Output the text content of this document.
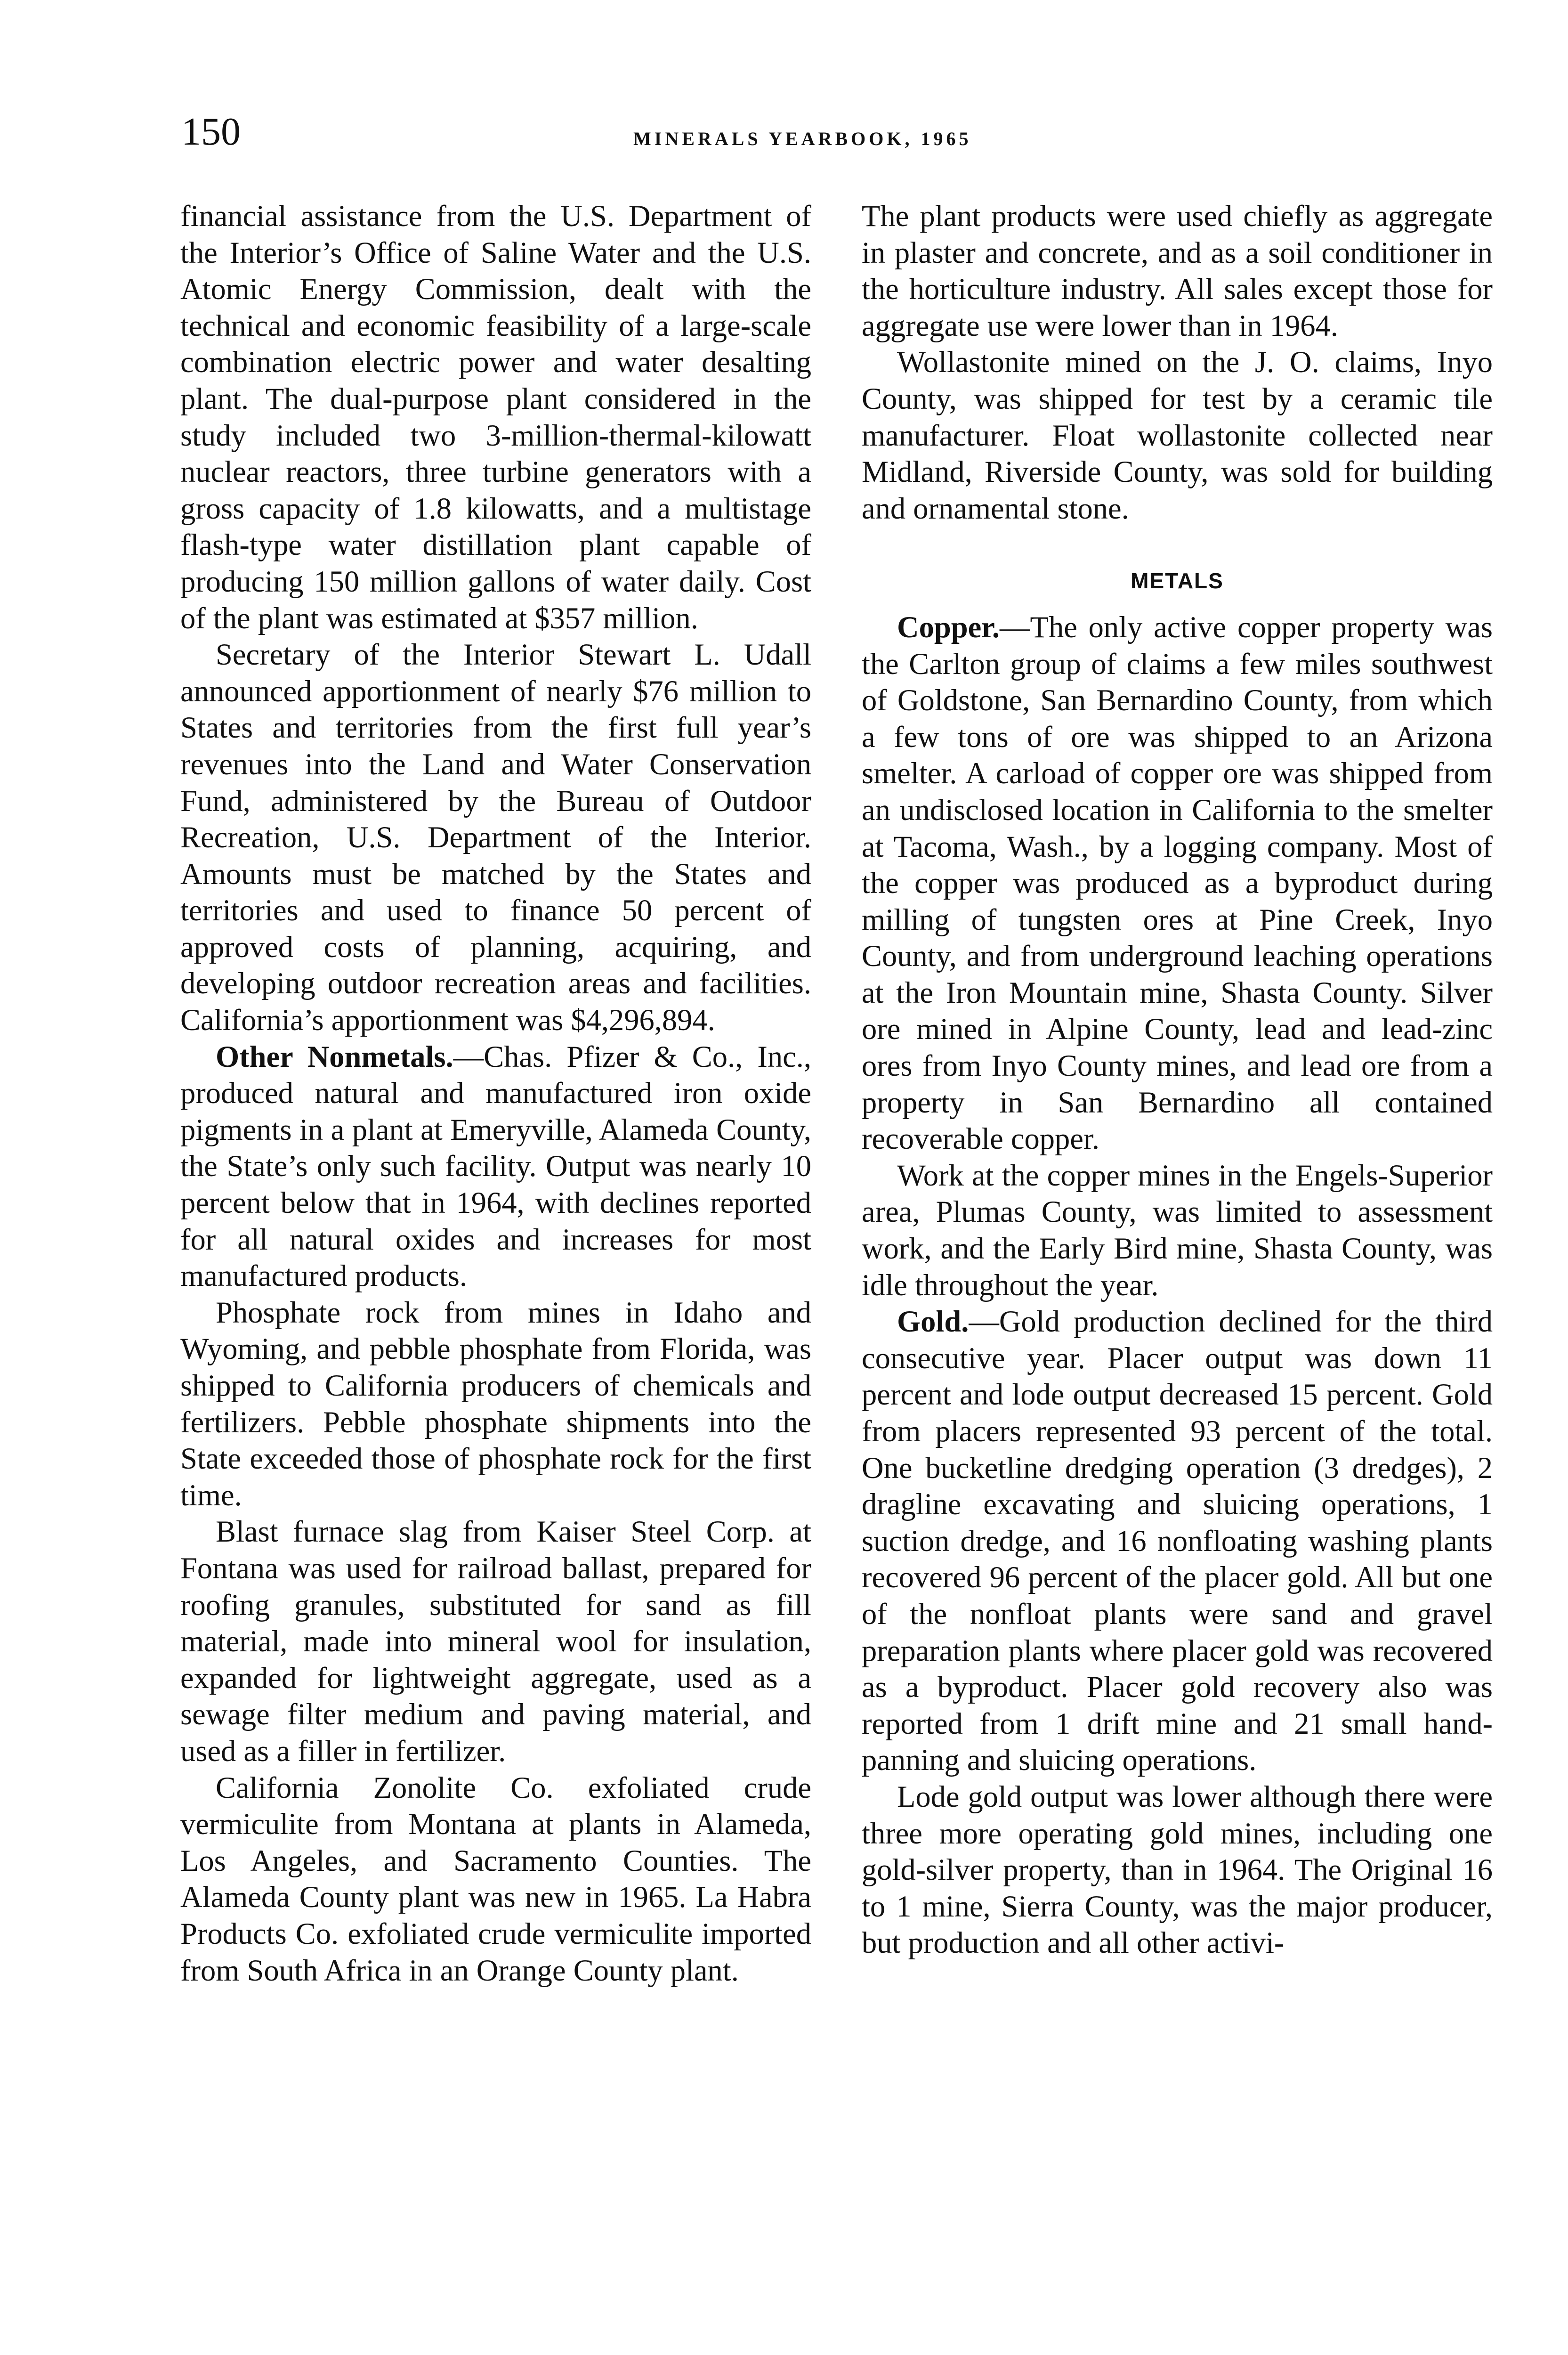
150	MINERALS YEARBOOK, 1965

financial assistance from the U.S. Department of the Interior’s Office of Saline Water and the U.S. Atomic Energy Commission, dealt with the technical and economic feasibility of a large-scale combination electric power and water desalting plant. The dual-purpose plant considered in the study included two 3-million-thermal-kilowatt nuclear reactors, three turbine generators with a gross capacity of 1.8 kilowatts, and a multistage flash-type water distillation plant capable of producing 150 million gallons of water daily. Cost of the plant was estimated at $357 million.

Secretary of the Interior Stewart L. Udall announced apportionment of nearly $76 million to States and territories from the first full year’s revenues into the Land and Water Conservation Fund, administered by the Bureau of Outdoor Recreation, U.S. Department of the Interior. Amounts must be matched by the States and territories and used to finance 50 percent of approved costs of planning, acquiring, and developing outdoor recreation areas and facilities. California’s apportionment was $4,296,894.

Other Nonmetals.—Chas. Pfizer & Co., Inc., produced natural and manufactured iron oxide pigments in a plant at Emeryville, Alameda County, the State’s only such facility. Output was nearly 10 percent below that in 1964, with declines reported for all natural oxides and increases for most manufactured products.

Phosphate rock from mines in Idaho and Wyoming, and pebble phosphate from Florida, was shipped to California producers of chemicals and fertilizers. Pebble phosphate shipments into the State exceeded those of phosphate rock for the first time.

Blast furnace slag from Kaiser Steel Corp. at Fontana was used for railroad ballast, prepared for roofing granules, substituted for sand as fill material, made into mineral wool for insulation, expanded for lightweight aggregate, used as a sewage filter medium and paving material, and used as a filler in fertilizer.

California Zonolite Co. exfoliated crude vermiculite from Montana at plants in Alameda, Los Angeles, and Sacramento Counties. The Alameda County plant was new in 1965. La Habra Products Co. exfoliated crude vermiculite imported from South Africa in an Orange County plant.

The plant products were used chiefly as aggregate in plaster and concrete, and as a soil conditioner in the horticulture industry. All sales except those for aggregate use were lower than in 1964.

Wollastonite mined on the J. O. claims, Inyo County, was shipped for test by a ceramic tile manufacturer. Float wollastonite collected near Midland, Riverside County, was sold for building and ornamental stone.

METALS

Copper.—The only active copper property was the Carlton group of claims a few miles southwest of Goldstone, San Bernardino County, from which a few tons of ore was shipped to an Arizona smelter. A carload of copper ore was shipped from an undisclosed location in California to the smelter at Tacoma, Wash., by a logging company. Most of the copper was produced as a byproduct during milling of tungsten ores at Pine Creek, Inyo County, and from underground leaching operations at the Iron Mountain mine, Shasta County. Silver ore mined in Alpine County, lead and lead-zinc ores from Inyo County mines, and lead ore from a property in San Bernardino all contained recoverable copper.

Work at the copper mines in the Engels-Superior area, Plumas County, was limited to assessment work, and the Early Bird mine, Shasta County, was idle throughout the year.

Gold.—Gold production declined for the third consecutive year. Placer output was down 11 percent and lode output decreased 15 percent. Gold from placers represented 93 percent of the total. One bucketline dredging operation (3 dredges), 2 dragline excavating and sluicing operations, 1 suction dredge, and 16 nonfloating washing plants recovered 96 percent of the placer gold. All but one of the nonfloat plants were sand and gravel preparation plants where placer gold was recovered as a byproduct. Placer gold recovery also was reported from 1 drift mine and 21 small hand-panning and sluicing operations.

Lode gold output was lower although there were three more operating gold mines, including one gold-silver property, than in 1964. The Original 16 to 1 mine, Sierra County, was the major producer, but production and all other activi-
